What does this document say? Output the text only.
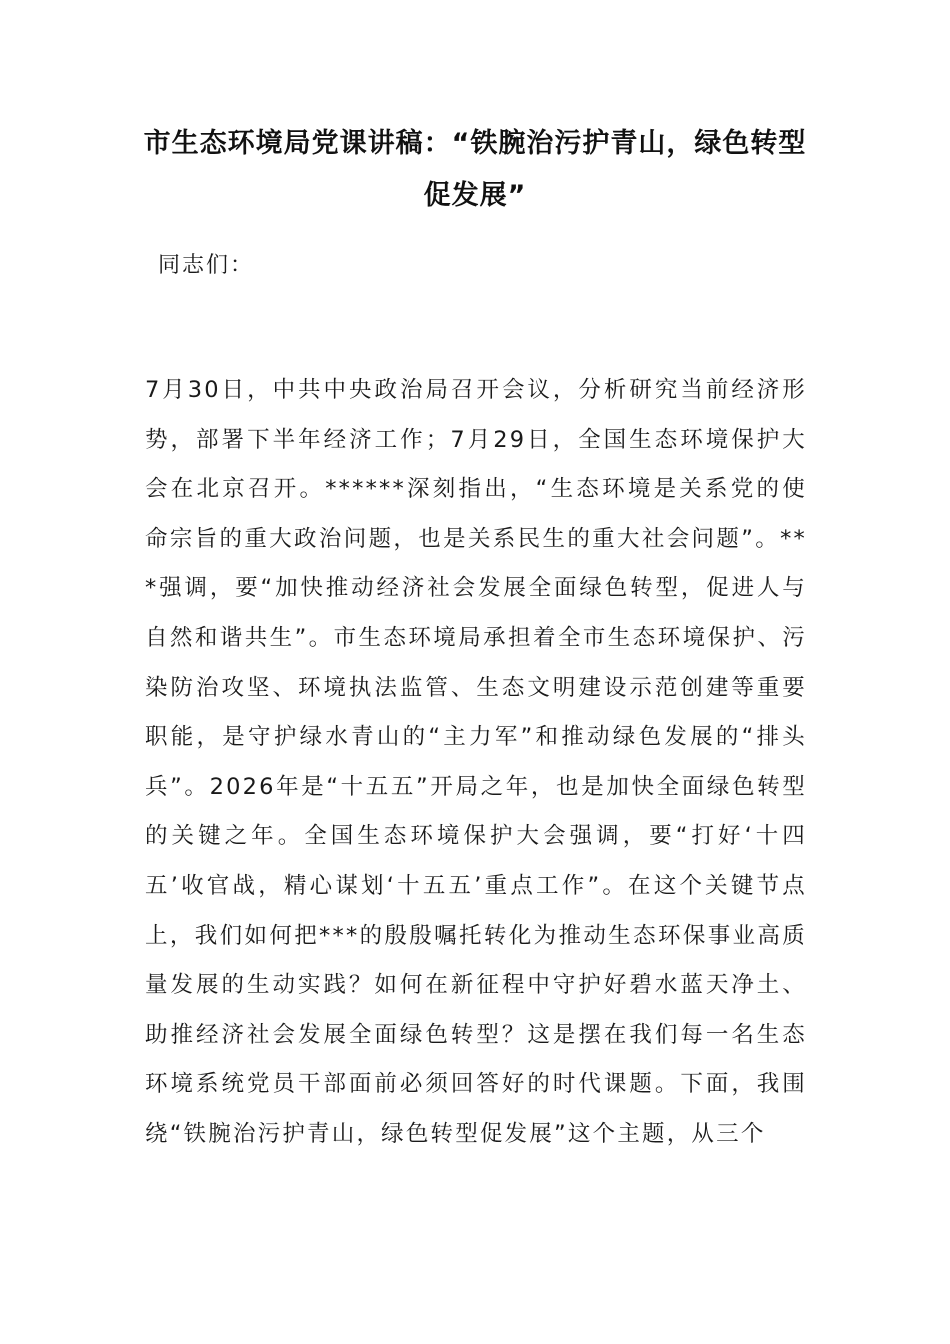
市生态环境局党课讲稿：“铁腕治污护青山，绿色转型促发展”

同志们：

7月30日，中共中央政治局召开会议，分析研究当前经济形势，部署下半年经济工作；7月29日，全国生态环境保护大会在北京召开。******深刻指出，“生态环境是关系党的使命宗旨的重大政治问题，也是关系民生的重大社会问题”。***强调，要“加快推动经济社会发展全面绿色转型，促进人与自然和谐共生”。市生态环境局承担着全市生态环境保护、污染防治攻坚、环境执法监管、生态文明建设示范创建等重要职能，是守护绿水青山的“主力军”和推动绿色发展的“排头兵”。2026年是“十五五”开局之年，也是加快全面绿色转型的关键之年。全国生态环境保护大会强调，要“打好‘十四五’收官战，精心谋划‘十五五’重点工作”。在这个关键节点上，我们如何把***的殷殷嘱托转化为推动生态环保事业高质量发展的生动实践？如何在新征程中守护好碧水蓝天净土、助推经济社会发展全面绿色转型？这是摆在我们每一名生态环境系统党员干部面前必须回答好的时代课题。下面，我围绕“铁腕治污护青山，绿色转型促发展”这个主题，从三个
